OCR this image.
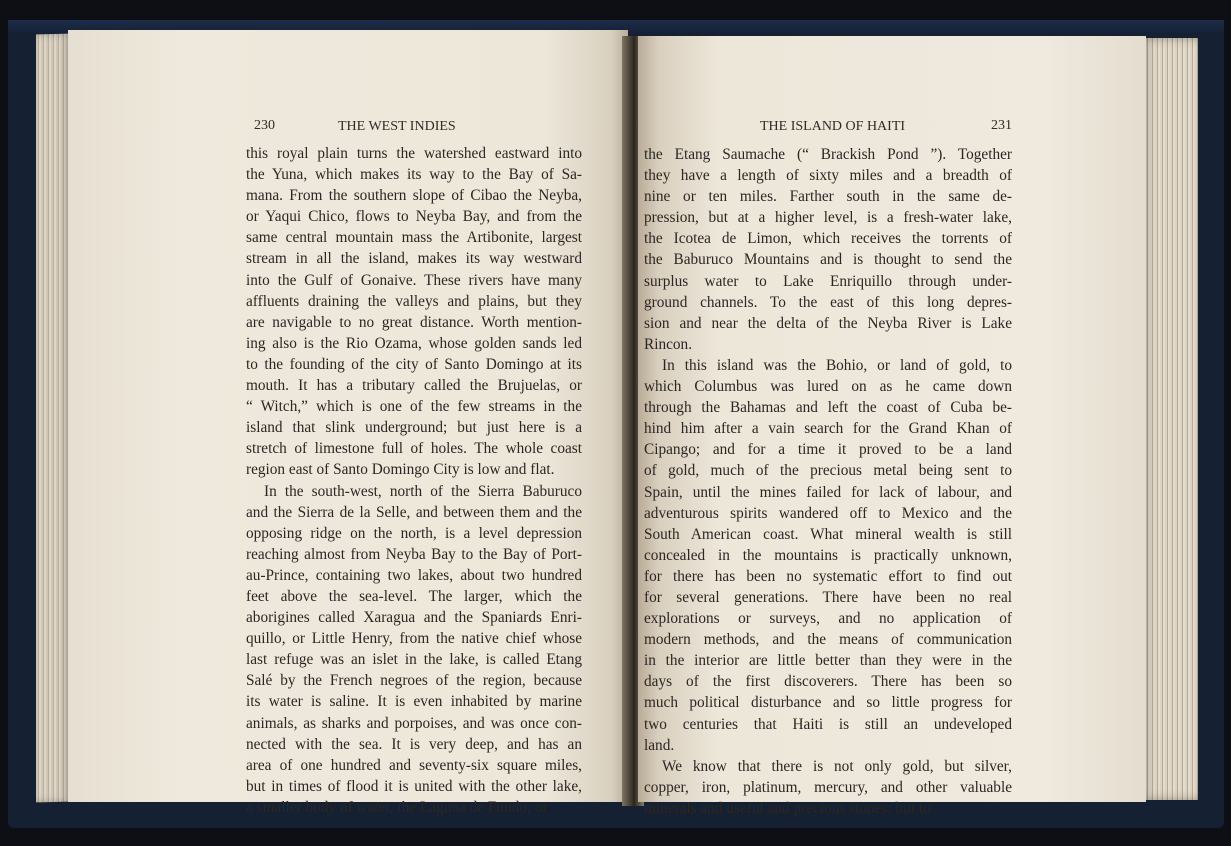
230	THE WEST INDIES
this royal plain turns the watershed eastward into
the Yuna, which makes its way to the Bay of Sa-
mana. From the southern slope of Cibao the Neyba,
or Yaqui Chico, flows to Neyba Bay, and from the
same central mountain mass the Artibonite, largest
stream in all the island, makes its way westward
into the Gulf of Gonaive. These rivers have many
affluents draining the valleys and plains, but they
are navigable to no great distance. Worth mention-
ing also is the Rio Ozama, whose golden sands led
to the founding of the city of Santo Domingo at its
mouth. It has a tributary called the Brujuelas, or
“ Witch,” which is one of the few streams in the
island that slink underground; but just here is a
stretch of limestone full of holes. The whole coast
region east of Santo Domingo City is low and flat.
In the south-west, north of the Sierra Baburuco
and the Sierra de la Selle, and between them and the
opposing ridge on the north, is a level depression
reaching almost from Neyba Bay to the Bay of Port-
au-Prince, containing two lakes, about two hundred
feet above the sea-level. The larger, which the
aborigines called Xaragua and the Spaniards Enri-
quillo, or Little Henry, from the native chief whose
last refuge was an islet in the lake, is called Etang
Salé by the French negroes of the region, because
its water is saline. It is even inhabited by marine
animals, as sharks and porpoises, and was once con-
nected with the sea. It is very deep, and has an
area of one hundred and seventy-six square miles,
but in times of flood it is united with the other lake,
a smaller body of water, the Laguna de Fundo, or
THE ISLAND OF HAITI	231
the Etang Saumache (“ Brackish Pond ”). Together
they have a length of sixty miles and a breadth of
nine or ten miles. Farther south in the same de-
pression, but at a higher level, is a fresh-water lake,
the Icotea de Limon, which receives the torrents of
the Baburuco Mountains and is thought to send the
surplus water to Lake Enriquillo through under-
ground channels. To the east of this long depres-
sion and near the delta of the Neyba River is Lake
Rincon.
In this island was the Bohio, or land of gold, to
which Columbus was lured on as he came down
through the Bahamas and left the coast of Cuba be-
hind him after a vain search for the Grand Khan of
Cipango; and for a time it proved to be a land
of gold, much of the precious metal being sent to
Spain, until the mines failed for lack of labour, and
adventurous spirits wandered off to Mexico and the
South American coast. What mineral wealth is still
concealed in the mountains is practically unknown,
for there has been no systematic effort to find out
for several generations. There have been no real
explorations or surveys, and no application of
modern methods, and the means of communication
in the interior are little better than they were in the
days of the first discoverers. There has been so
much political disturbance and so little progress for
two centuries that Haiti is still an undeveloped
land.
We know that there is not only gold, but silver,
copper, iron, platinum, mercury, and other valuable
minerals and useful and precious stones; but to
